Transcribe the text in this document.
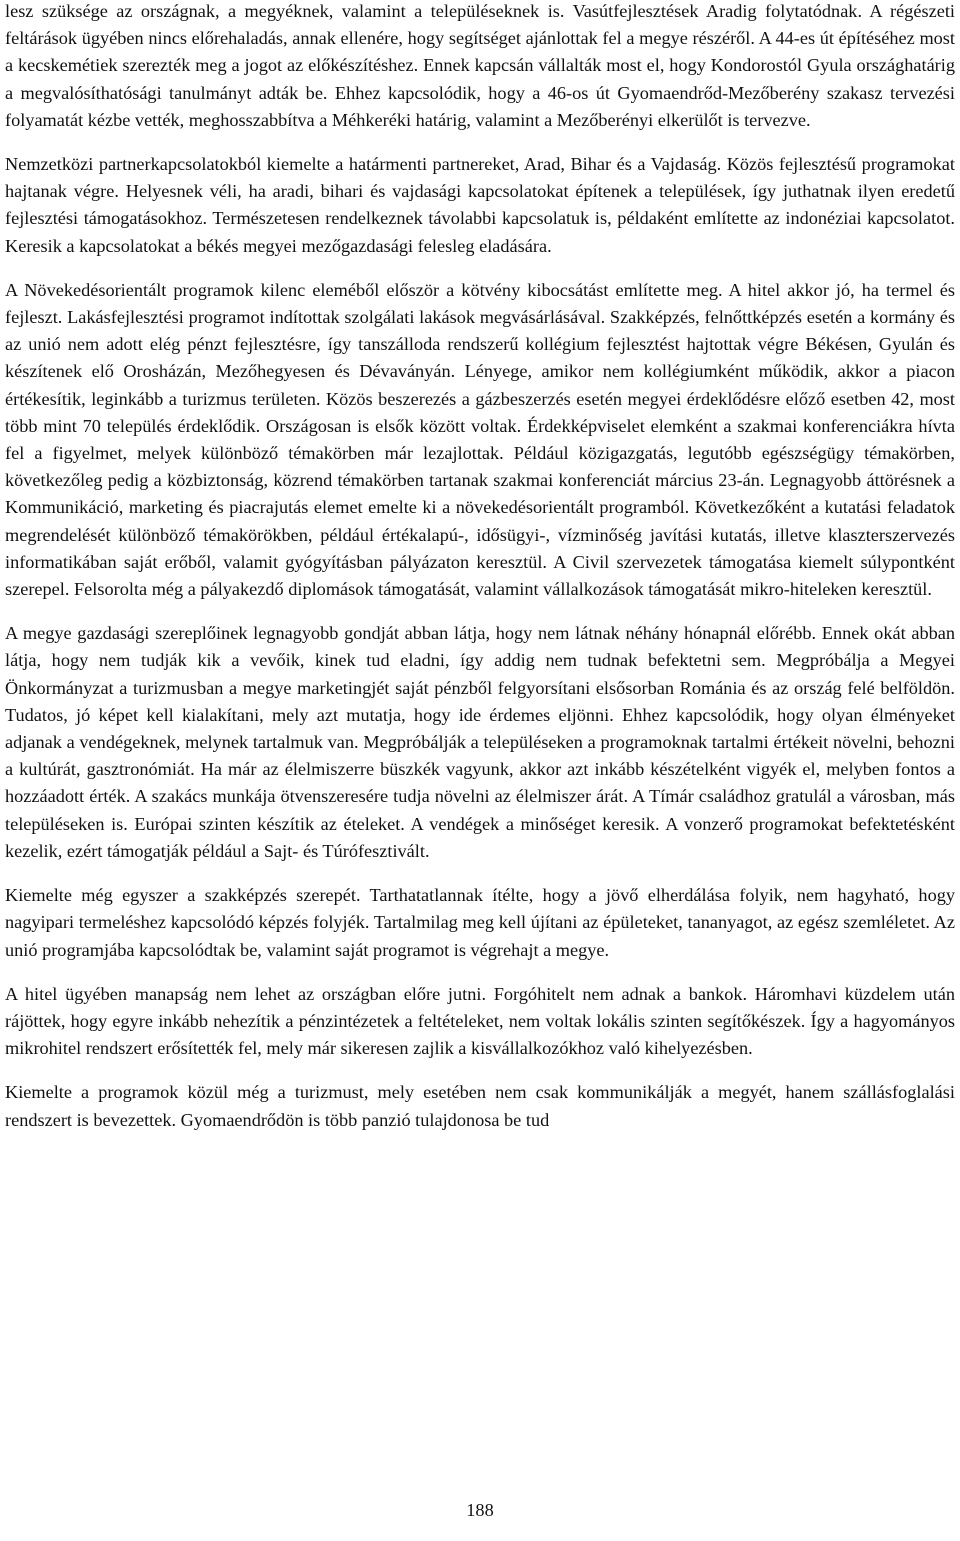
lesz szüksége az országnak, a megyéknek, valamint a településeknek is. Vasútfejlesztések Aradig folytatódnak. A régészeti feltárások ügyében nincs előrehaladás, annak ellenére, hogy segítséget ajánlottak fel a megye részéről. A 44-es út építéséhez most a kecskemétiek szerezték meg a jogot az előkészítéshez. Ennek kapcsán vállalták most el, hogy Kondorostól Gyula országhatárig a megvalósíthatósági tanulmányt adták be. Ehhez kapcsolódik, hogy a 46-os út Gyomaendrőd-Mezőberény szakasz tervezési folyamatát kézbe vették, meghosszabbítva a Méhkeréki határig, valamint a Mezőberényi elkerülőt is tervezve.

Nemzetközi partnerkapcsolatokból kiemelte a határmenti partnereket, Arad, Bihar és a Vajdaság. Közös fejlesztésű programokat hajtanak végre. Helyesnek véli, ha aradi, bihari és vajdasági kapcsolatokat építenek a települések, így juthatnak ilyen eredetű fejlesztési támogatásokhoz. Természetesen rendelkeznek távolabbi kapcsolatuk is, példaként említette az indonéziai kapcsolatot. Keresik a kapcsolatokat a békés megyei mezőgazdasági felesleg eladására.

A Növekedésorientált programok kilenc eleméből először a kötvény kibocsátást említette meg. A hitel akkor jó, ha termel és fejleszt. Lakásfejlesztési programot indítottak szolgálati lakások megvásárlásával. Szakképzés, felnőttképzés esetén a kormány és az unió nem adott elég pénzt fejlesztésre, így tanszálloda rendszerű kollégium fejlesztést hajtottak végre Békésen, Gyulán és készítenek elő Orosházán, Mezőhegyesen és Dévaványán. Lényege, amikor nem kollégiumként működik, akkor a piacon értékesítik, leginkább a turizmus területen. Közös beszerezés a gázbeszerzés esetén megyei érdeklődésre előző esetben 42, most több mint 70 település érdeklődik. Országosan is elsők között voltak. Érdekképviselet elemként a szakmai konferenciákra hívta fel a figyelmet, melyek különböző témakörben már lezajlottak. Például közigazgatás, legutóbb egészségügy témakörben, következőleg pedig a közbiztonság, közrend témakörben tartanak szakmai konferenciát március 23-án. Legnagyobb áttörésnek a Kommunikáció, marketing és piacrajutás elemet emelte ki a növekedésorientált programból. Következőként a kutatási feladatok megrendelését különböző témakörökben, például értékalapú-, idősügyi-, vízminőség javítási kutatás, illetve klaszterszervezés informatikában saját erőből, valamit gyógyításban pályázaton keresztül. A Civil szervezetek támogatása kiemelt súlypontként szerepel. Felsorolta még a pályakezdő diplomások támogatását, valamint vállalkozások támogatását mikro-hiteleken keresztül.

A megye gazdasági szereplőinek legnagyobb gondját abban látja, hogy nem látnak néhány hónapnál előrébb. Ennek okát abban látja, hogy nem tudják kik a vevőik, kinek tud eladni, így addig nem tudnak befektetni sem. Megpróbálja a Megyei Önkormányzat a turizmusban a megye marketingjét saját pénzből felgyorsítani elsősorban Románia és az ország felé belföldön. Tudatos, jó képet kell kialakítani, mely azt mutatja, hogy ide érdemes eljönni. Ehhez kapcsolódik, hogy olyan élményeket adjanak a vendégeknek, melynek tartalmuk van. Megpróbálják a településeken a programoknak tartalmi értékeit növelni, behozni a kultúrát, gasztronómiát. Ha már az élelmiszerre büszkék vagyunk, akkor azt inkább készételként vigyék el, melyben fontos a hozzáadott érték. A szakács munkája ötvenszeresére tudja növelni az élelmiszer árát. A Tímár családhoz gratulál a városban, más településeken is. Európai szinten készítik az ételeket. A vendégek a minőséget keresik. A vonzerő programokat befektetésként kezelik, ezért támogatják például a Sajt- és Túrófesztivált.

Kiemelte még egyszer a szakképzés szerepét. Tarthatatlannak ítélte, hogy a jövő elherdálása folyik, nem hagyható, hogy nagyipari termeléshez kapcsolódó képzés folyjék. Tartalmilag meg kell újítani az épületeket, tananyagot, az egész szemléletet. Az unió programjába kapcsolódtak be, valamint saját programot is végrehajt a megye.

A hitel ügyében manapság nem lehet az országban előre jutni. Forgóhitelt nem adnak a bankok. Háromhavi küzdelem után rájöttek, hogy egyre inkább nehezítik a pénzintézetek a feltételeket, nem voltak lokális szinten segítőkészek. Így a hagyományos mikrohitel rendszert erősítették fel, mely már sikeresen zajlik a kisvállalkozókhoz való kihelyezésben.

Kiemelte a programok közül még a turizmust, mely esetében nem csak kommunikálják a megyét, hanem szállásfoglalási rendszert is bevezettek. Gyomaendrődön is több panzió tulajdonosa be tud

188
